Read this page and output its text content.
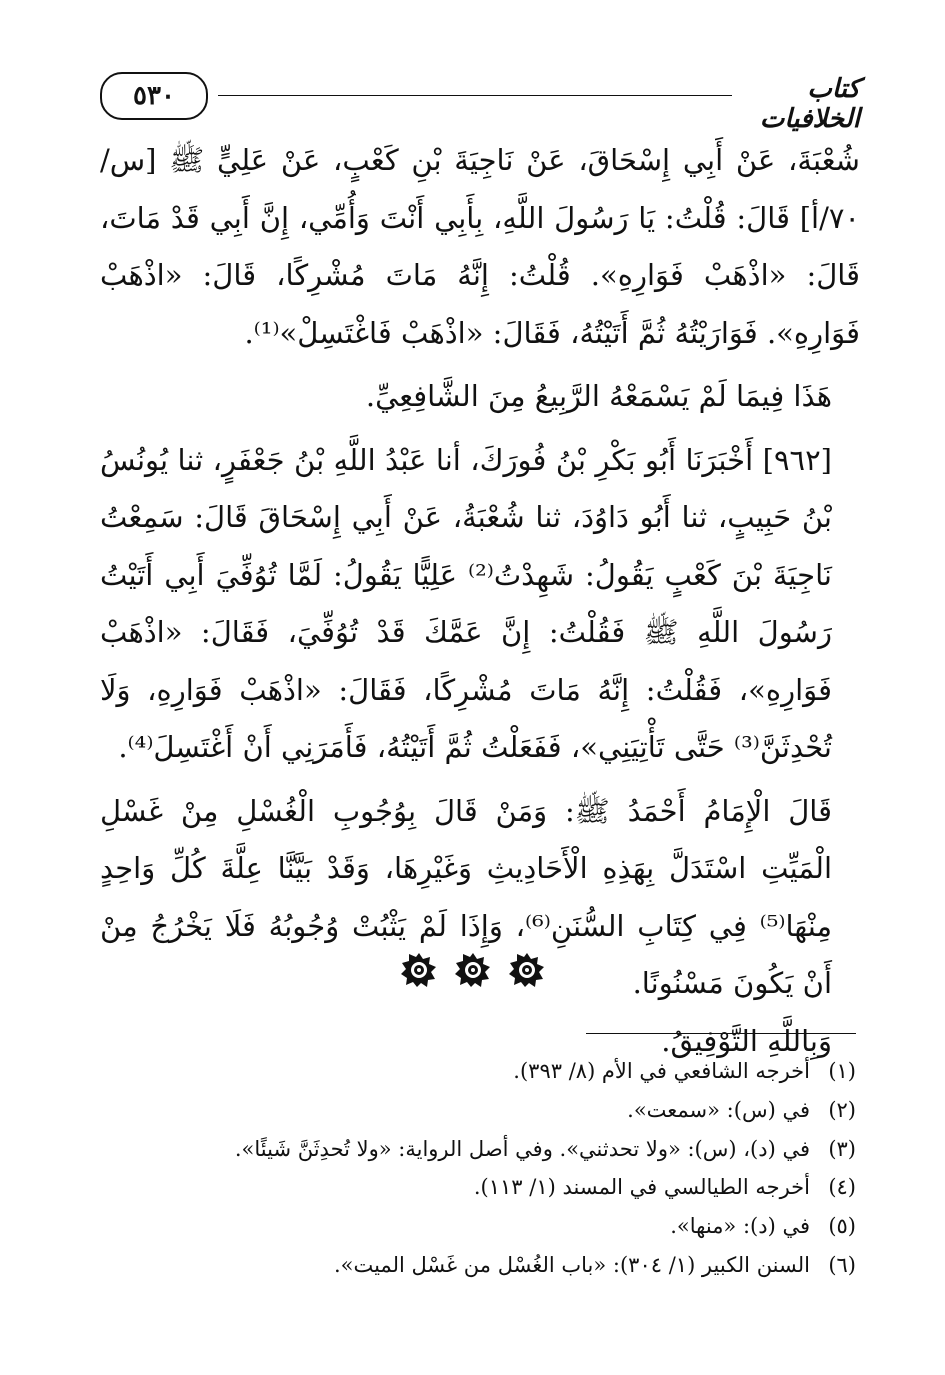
٥٣٠	كتاب الخلافيات

شُعْبَةَ، عَنْ أَبِي إِسْحَاقَ، عَنْ نَاجِيَةَ بْنِ كَعْبٍ، عَنْ عَلِيٍّ ﷺ [س/٧٠/أ] قَالَ: قُلْتُ: يَا رَسُولَ اللَّهِ، بِأَبِي أَنْتَ وَأُمِّي، إِنَّ أَبِي قَدْ مَاتَ، قَالَ: «اذْهَبْ فَوَارِهِ». قُلْتُ: إِنَّهُ مَاتَ مُشْرِكًا، قَالَ: «اذْهَبْ فَوَارِهِ». فَوَارَيْتُهُ ثُمَّ أَتَيْتُهُ، فَقَالَ: «اذْهَبْ فَاغْتَسِلْ»⁽¹⁾.

هَذَا فِيمَا لَمْ يَسْمَعْهُ الرَّبِيعُ مِنَ الشَّافِعِيِّ.

[٩٦٢] أَخْبَرَنَا أَبُو بَكْرِ بْنُ فُورَكَ، أنا عَبْدُ اللَّهِ بْنُ جَعْفَرٍ، ثنا يُونُسُ بْنُ حَبِيبٍ، ثنا أَبُو دَاوُدَ، ثنا شُعْبَةُ، عَنْ أَبِي إِسْحَاقَ قَالَ: سَمِعْتُ نَاجِيَةَ بْنَ كَعْبٍ يَقُولُ: شَهِدْتُ⁽²⁾ عَلِيًّا يَقُولُ: لَمَّا تُوُفِّيَ أَبِي أَتَيْتُ رَسُولَ اللَّهِ ﷺ فَقُلْتُ: إِنَّ عَمَّكَ قَدْ تُوُفِّيَ، فَقَالَ: «اذْهَبْ فَوَارِهِ»، فَقُلْتُ: إِنَّهُ مَاتَ مُشْرِكًا، فَقَالَ: «اذْهَبْ فَوَارِهِ، وَلَا تُحْدِثَنَّ⁽³⁾ حَتَّى تَأْتِيَنِي»، فَفَعَلْتُ ثُمَّ أَتَيْتُهُ، فَأَمَرَنِي أَنْ أَغْتَسِلَ⁽⁴⁾.

قَالَ الْإِمَامُ أَحْمَدُ ﷺ: وَمَنْ قَالَ بِوُجُوبِ الْغُسْلِ مِنْ غَسْلِ الْمَيِّتِ اسْتَدَلَّ بِهَذِهِ الْأَحَادِيثِ وَغَيْرِهَا، وَقَدْ بَيَّنَّا عِلَّةَ كُلِّ وَاحِدٍ مِنْهَا⁽⁵⁾ فِي كِتَابِ السُّنَنِ⁽⁶⁾، وَإِذَا لَمْ يَثْبُتْ وُجُوبُهُ فَلَا يَخْرُجُ مِنْ أَنْ يَكُونَ مَسْنُونًا.

وَبِاللَّهِ التَّوْفِيقُ.

(١)
أخرجه الشافعي في الأم (٨/ ٣٩٣).
(٢)
في (س): «سمعت».
(٣)
في (د)، (س): «ولا تحدثني». وفي أصل الرواية: «ولا تُحدِثَنَّ شَيئًا».
(٤)
أخرجه الطيالسي في المسند (١/ ١١٣).
(٥)
في (د): «منها».
(٦)
السنن الكبير (١/ ٣٠٤): «باب الغُسْل من غَسْل الميت».
